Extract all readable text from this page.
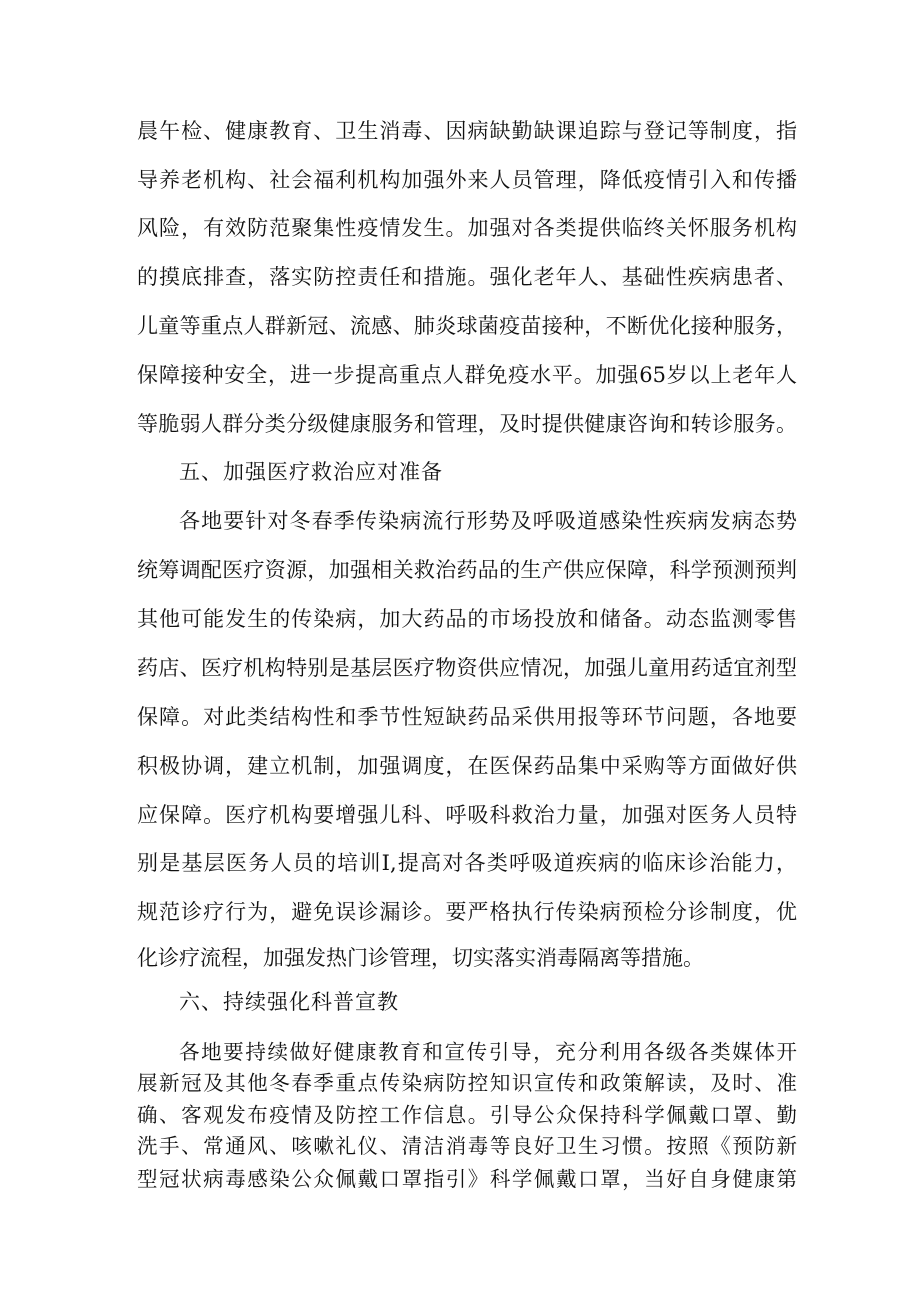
晨午检、健康教育、卫生消毒、因病缺勤缺课追踪与登记等制度，指
导养老机构、社会福利机构加强外来人员管理，降低疫情引入和传播
风险，有效防范聚集性疫情发生。加强对各类提供临终关怀服务机构
的摸底排查，落实防控责任和措施。强化老年人、基础性疾病患者、
儿童等重点人群新冠、流感、肺炎球菌疫苗接种，不断优化接种服务，
保障接种安全，进一步提高重点人群免疫水平。加强65岁以上老年人
等脆弱人群分类分级健康服务和管理，及时提供健康咨询和转诊服务。
五、加强医疗救治应对准备
各地要针对冬春季传染病流行形势及呼吸道感染性疾病发病态势
统筹调配医疗资源，加强相关救治药品的生产供应保障，科学预测预判
其他可能发生的传染病，加大药品的市场投放和储备。动态监测零售
药店、医疗机构特别是基层医疗物资供应情况，加强儿童用药适宜剂型
保障。对此类结构性和季节性短缺药品采供用报等环节问题，各地要
积极协调，建立机制，加强调度，在医保药品集中采购等方面做好供
应保障。医疗机构要增强儿科、呼吸科救治力量，加强对医务人员特
别是基层医务人员的培训I,提高对各类呼吸道疾病的临床诊治能力，
规范诊疗行为，避免误诊漏诊。要严格执行传染病预检分诊制度，优
化诊疗流程，加强发热门诊管理，切实落实消毒隔离等措施。
六、持续强化科普宣教
各地要持续做好健康教育和宣传引导，充分利用各级各类媒体开
展新冠及其他冬春季重点传染病防控知识宣传和政策解读，及时、准
确、客观发布疫情及防控工作信息。引导公众保持科学佩戴口罩、勤
洗手、常通风、咳嗽礼仪、清洁消毒等良好卫生习惯。按照《预防新
型冠状病毒感染公众佩戴口罩指引》科学佩戴口罩，当好自身健康第
